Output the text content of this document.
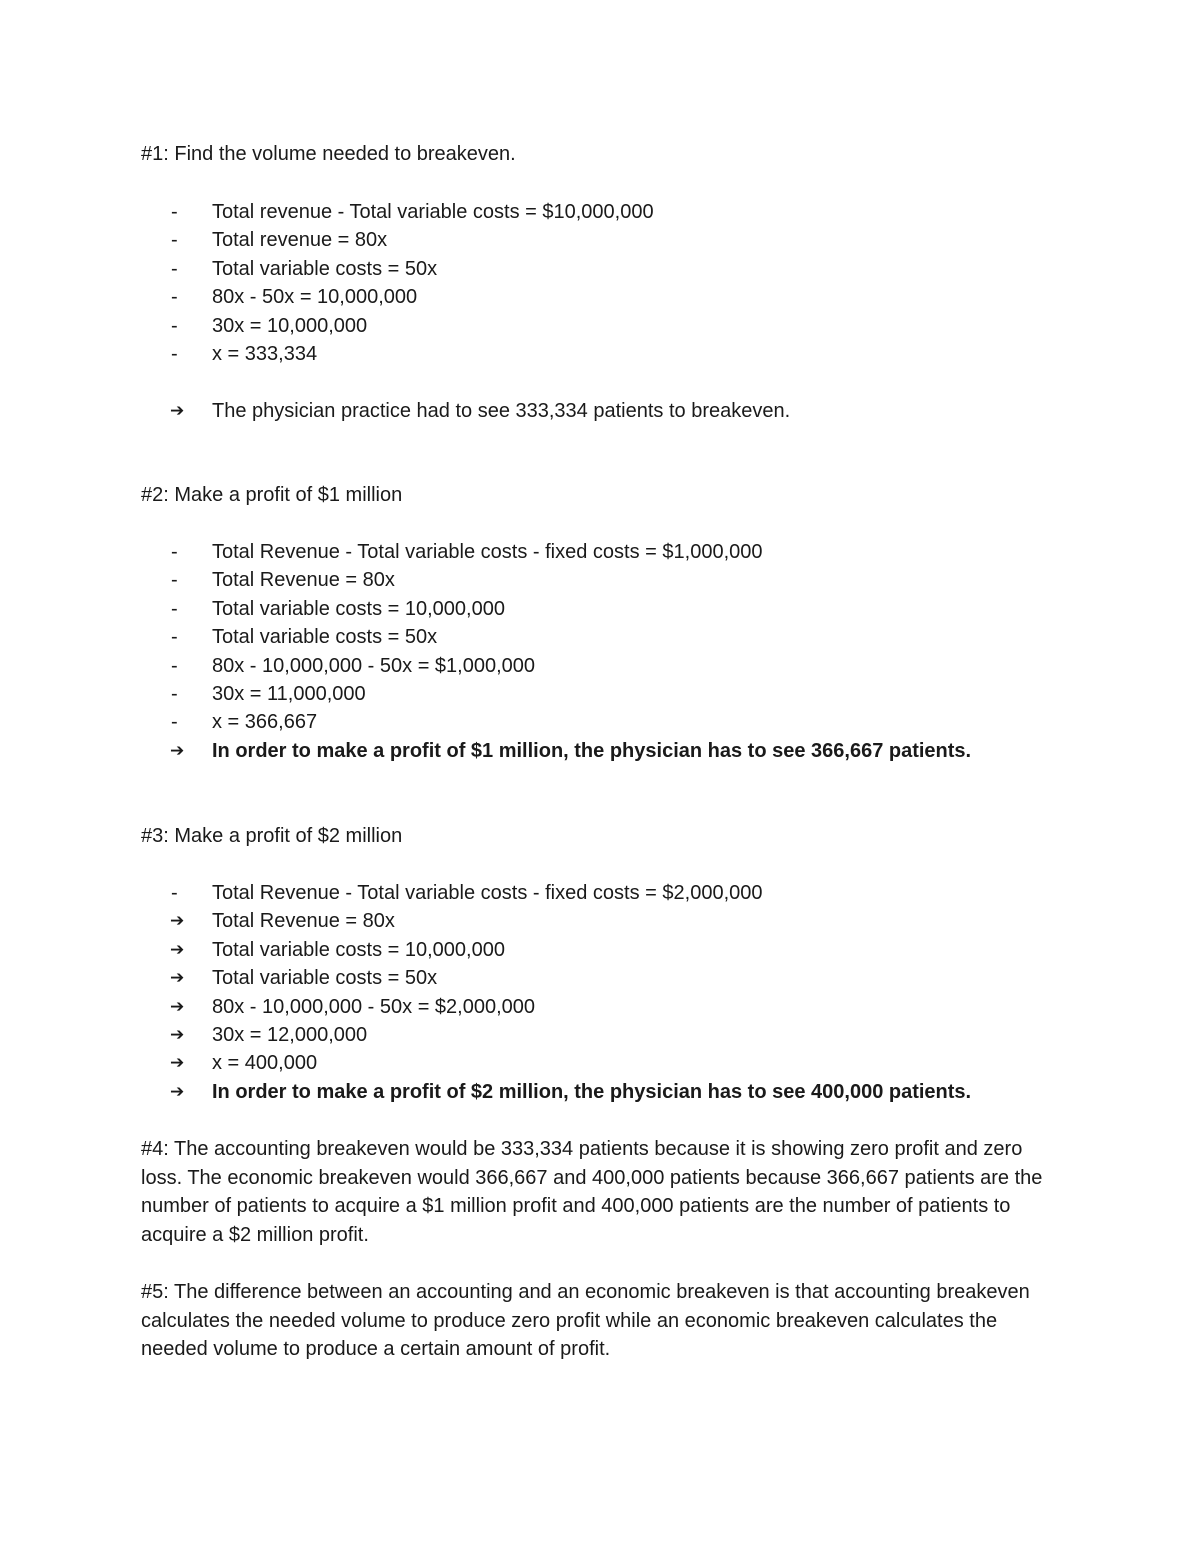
#1: Find the volume needed to breakeven.

-	Total revenue - Total variable costs = $10,000,000
-	Total revenue = 80x
-	Total variable costs = 50x
-	80x - 50x = 10,000,000
-	30x = 10,000,000
-	x = 333,334
➔	The physician practice had to see 333,334 patients to breakeven.

#2: Make a profit of $1 million

-	Total Revenue - Total variable costs - fixed costs = $1,000,000
-	Total Revenue = 80x
-	Total variable costs = 10,000,000
-	Total variable costs = 50x
-	80x - 10,000,000 - 50x = $1,000,000
-	30x = 11,000,000
-	x = 366,667
➔	In order to make a profit of $1 million, the physician has to see 366,667 patients.

#3: Make a profit of $2 million

-	Total Revenue - Total variable costs - fixed costs = $2,000,000
➔	Total Revenue = 80x
➔	Total variable costs = 10,000,000
➔	Total variable costs = 50x
➔	80x - 10,000,000 - 50x = $2,000,000
➔	30x = 12,000,000
➔	x = 400,000
➔	In order to make a profit of $2 million, the physician has to see 400,000 patients.

#4: The accounting breakeven would be 333,334 patients because it is showing zero profit and zero loss. The economic breakeven would 366,667 and 400,000 patients because 366,667 patients are the number of patients to acquire a $1 million profit and 400,000 patients are the number of patients to acquire a $2 million profit.

#5: The difference between an accounting and an economic breakeven is that accounting breakeven calculates the needed volume to produce zero profit while an economic breakeven calculates the needed volume to produce a certain amount of profit.
